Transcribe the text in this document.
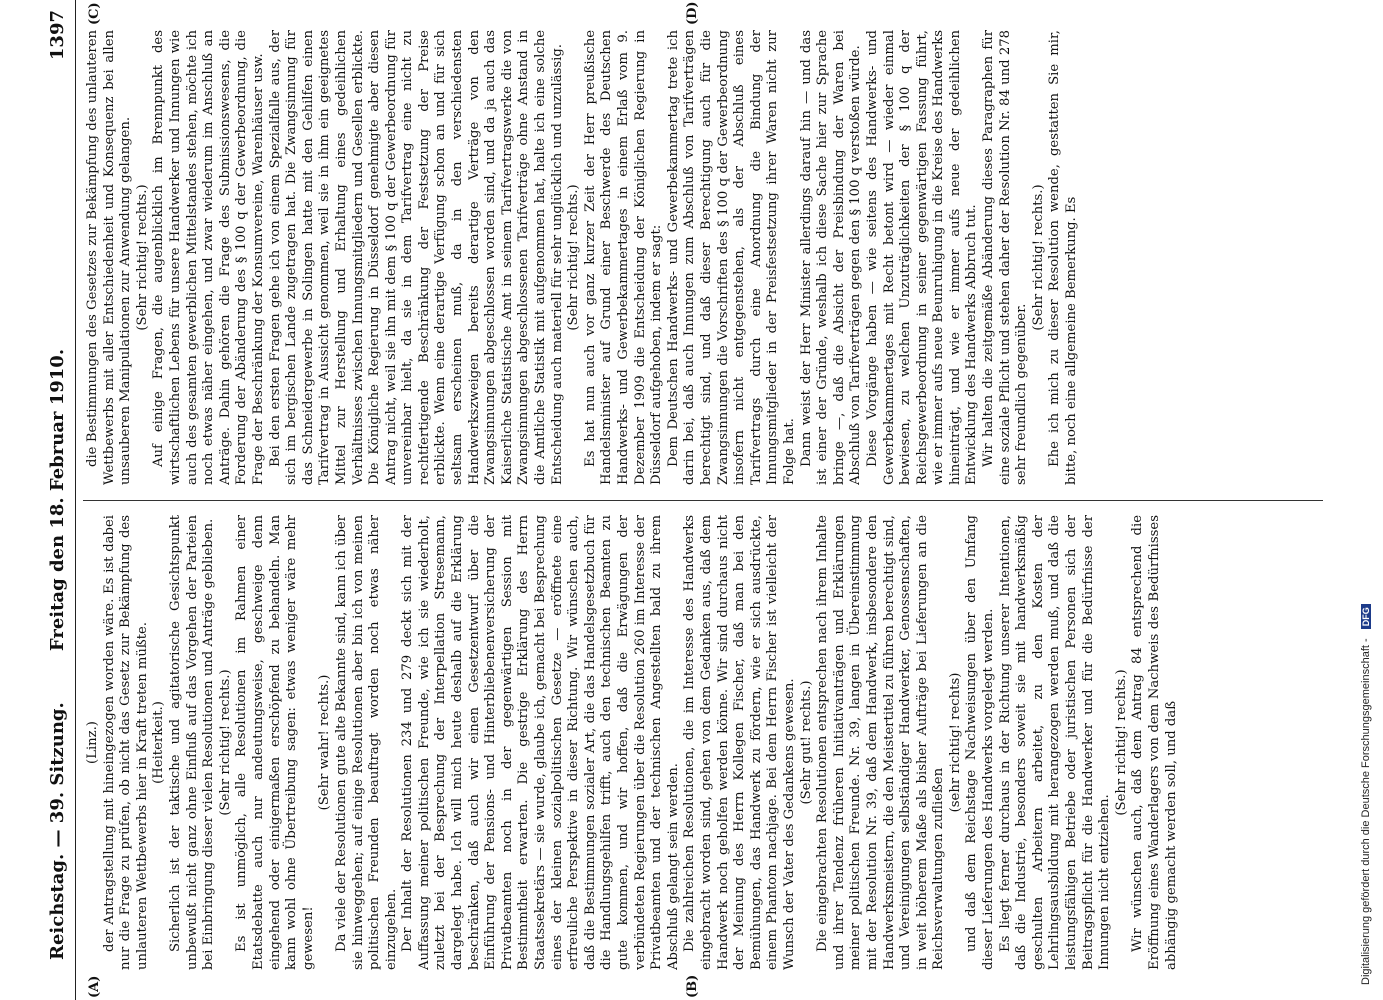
Reichstag. — 39. Sitzung.
Freitag den 18. Februar 1910.
1397
(A)	(B)
(C)	(D)

(Linz.) der Antragstellung mit hineingezogen worden wäre. Es ist dabei nur die Frage zu prüfen, ob nicht das Gesetz zur Bekämpfung des unlauteren Wettbewerbs hier in Kraft treten müßte. (Heiterkeit.) Sicherlich ist der taktische und agitatorische Gesichtspunkt unbewußt nicht ganz ohne Einfluß auf das Vorgehen der Parteien bei Einbringung dieser vielen Resolutionen und Anträge geblieben. (Sehr richtig! rechts.) Es ist unmöglich, alle Resolutionen im Rahmen einer Etatsdebatte auch nur andeutungsweise, geschweige denn eingehend oder einigermaßen erschöpfend zu behandeln. Man kann wohl ohne Übertreibung sagen: etwas weniger wäre mehr gewesen!

(Sehr wahr! rechts.) Da viele der Resolutionen gute alte Bekannte sind, kann ich über sie hinweggehen; auf einige Resolutionen aber bin ich von meinen politischen Freunden beauftragt worden noch etwas näher einzugehen. Der Inhalt der Resolutionen 234 und 279 deckt sich mit der Auffassung meiner politischen Freunde, wie ich sie wiederholt, zuletzt bei der Besprechung der Interpellation Stresemann, dargelegt habe. Ich will mich heute deshalb auf die Erklärung beschränken, daß auch wir einen Gesetzentwurf über die Einführung der Pensions- und Hinterbliebenenversicherung der Privatbeamten noch in der gegenwärtigen Session mit Bestimmtheit erwarten. Die gestrige Erklärung des Herrn Staatssekretärs — sie wurde, glaube ich, gemacht bei Besprechung eines der kleinen sozialpolitischen Gesetze — eröffnete eine erfreuliche Perspektive in dieser Richtung. Wir wünschen auch, daß die Bestimmungen sozialer Art, die das Handelsgesetzbuch für die Handlungsgehilfen trifft, auch den technischen Beamten zu gute kommen, und wir hoffen, daß die Erwägungen der verbündeten Regierungen über die Resolution 260 im Interesse der Privatbeamten und der technischen Angestellten bald zu ihrem Abschluß gelangt sein werden. Die zahlreichen Resolutionen, die im Interesse des Handwerks eingebracht worden sind, gehen von dem Gedanken aus, daß dem Handwerk noch geholfen werden könne. Wir sind durchaus nicht der Meinung des Herrn Kollegen Fischer, daß man bei den Bemühungen, das Handwerk zu fördern, wie er sich ausdrückte, einem Phantom nachjage. Bei dem Herrn Fischer ist vielleicht der Wunsch der Vater des Gedankens gewesen. (Sehr gut! rechts.) Die eingebrachten Resolutionen entsprechen nach ihrem Inhalte und ihrer Tendenz früheren Initiativanträgen und Erklärungen meiner politischen Freunde. Nr. 39, langen in Übereinstimmung mit der Resolution Nr. 39, daß dem Handwerk, insbesondere den Handwerksmeistern, die den Meistertitel zu führen berechtigt sind, und Vereinigungen selbständiger Handwerker, Genossenschaften, in weit höherem Maße als bisher Aufträge bei Lieferungen an die Reichsverwaltungen zufließen

(sehr richtig! rechts) und daß dem Reichstage Nachweisungen über den Umfang dieser Lieferungen des Handwerks vorgelegt werden. Es liegt ferner durchaus in der Richtung unserer Intentionen, daß die Industrie, besonders soweit sie mit handwerksmäßig geschulten Arbeitern arbeitet, zu den Kosten der Lehrlingsausbildung mit herangezogen werden muß, und daß die leistungsfähigen Betriebe oder juristischen Personen sich der Beitragspflicht für die Handwerker und für die Bedürfnisse der Innungen nicht entziehen.

(Sehr richtig! rechts.) Wir wünschen auch, daß dem Antrag 84 entsprechend die Eröffnung eines Wanderlagers von dem Nachweis des Bedürfnisses abhängig gemacht werden soll, und daß

die Bestimmungen des Gesetzes zur Bekämpfung des unlauteren Wettbewerbs mit aller Entschiedenheit und Konsequenz bei allen unsauberen Manipulationen zur Anwendung gelangen. (Sehr richtig! rechts.) Auf einige Fragen, die augenblicklich im Brennpunkt des wirtschaftlichen Lebens für unsere Handwerker und Innungen wie auch des gesamten gewerblichen Mittelstandes stehen, möchte ich noch etwas näher eingehen, und zwar wiederum im Anschluß an Anträge. Dahin gehören die Frage des Submissionswesens, die Forderung der Abänderung des § 100 q der Gewerbeordnung, die Frage der Beschränkung der Konsumvereine, Warenhäuser usw. Bei den ersten Fragen gehe ich von einem Spezialfalle aus, der sich im bergischen Lande zugetragen hat. Die Zwangsinnung für das Schneidergewerbe in Solingen hatte mit den Gehilfen einen Tarifvertrag in Aussicht genommen, weil sie in ihm ein geeignetes Mittel zur Herstellung und Erhaltung eines gedeihlichen Verhältnisses zwischen Innungsmitgliedern und Gesellen erblickte. Die Königliche Regierung in Düsseldorf genehmigte aber diesen Antrag nicht, weil sie ihn mit dem § 100 q der Gewerbeordnung für unvereinbar hielt, da sie in dem Tarifvertrag eine nicht zu rechtfertigende Beschränkung der Festsetzung der Preise erblickte. Wenn eine derartige Verfügung schon an und für sich seltsam erscheinen muß, da in den verschiedensten Handwerkszweigen bereits derartige Verträge von den Zwangsinnungen abgeschlossen worden sind, und da ja auch das Kaiserliche Statistische Amt in seinem Tarifvertragswerke die von Zwangsinnungen abgeschlossenen Tarifverträge ohne Anstand in die Amtliche Statistik mit aufgenommen hat, halte ich eine solche Entscheidung auch materiell für sehr unglücklich und unzulässig. (Sehr richtig! rechts.) Es hat nun auch vor ganz kurzer Zeit der Herr preußische Handelsminister auf Grund einer Beschwerde des Deutschen Handwerks- und Gewerbekammertages in einem Erlaß vom 9. Dezember 1909 die Entscheidung der Königlichen Regierung in Düsseldorf aufgehoben, indem er sagt: Dem Deutschen Handwerks- und Gewerbekammertag trete ich darin bei, daß auch Innungen zum Abschluß von Tarifverträgen berechtigt sind, und daß dieser Berechtigung auch für die Zwangsinnungen die Vorschriften des § 100 q der Gewerbeordnung insofern nicht entgegenstehen, als der Abschluß eines Tarifvertrags durch eine Anordnung die Bindung der Innungsmitglieder in der Preisfestsetzung ihrer Waren nicht zur Folge hat. Dann weist der Herr Minister allerdings darauf hin — und das ist einer der Gründe, weshalb ich diese Sache hier zur Sprache bringe —, daß die Absicht der Preisbindung der Waren bei Abschluß von Tarifverträgen gegen den § 100 q verstoßen würde. Diese Vorgänge haben — wie seitens des Handwerks- und Gewerbekammertages mit Recht betont wird — wieder einmal bewiesen, zu welchen Unzuträglichkeiten der § 100 q der Reichsgewerbeordnung in seiner gegenwärtigen Fassung führt, wie er immer aufs neue Beunruhigung in die Kreise des Handwerks hineinträgt, und wie er immer aufs neue der gedeihlichen Entwicklung des Handwerks Abbruch tut. Wir halten die zeitgemäße Abänderung dieses Paragraphen für eine soziale Pflicht und stehen daher der Resolution Nr. 84 und 278 sehr freundlich gegenüber.

(Sehr richtig! rechts.) Ehe ich mich zu dieser Resolution wende, gestatten Sie mir, bitte, noch eine allgemeine Bemerkung. Es

Digitalisierung gefördert durch die Deutsche Forschungsgemeinschaft - DFG
